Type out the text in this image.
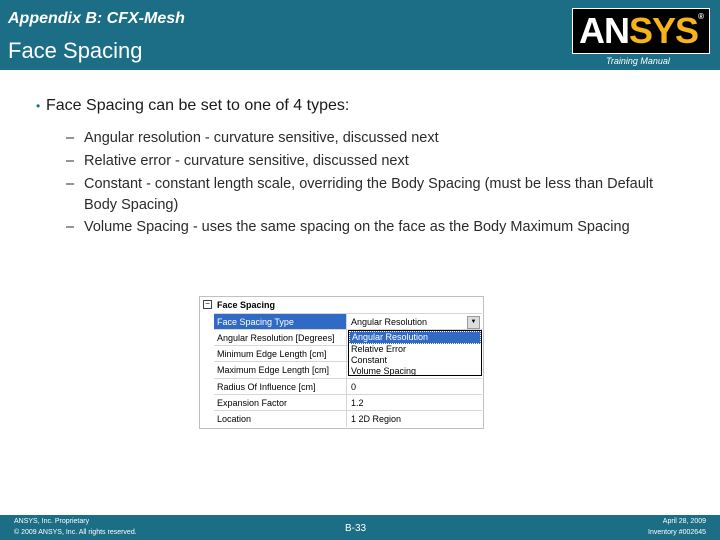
Appendix B: CFX-Mesh
Face Spacing	ANSYS®
Training Manual
• Face Spacing can be set to one of 4 types:
– Angular resolution - curvature sensitive, discussed next
– Relative error - curvature sensitive, discussed next
– Constant - constant length scale, overriding the Body Spacing (must be less than Default Body Spacing)
– Volume Spacing - uses the same spacing on the face as the Body Maximum Spacing
− Face Spacing
Face Spacing Type	Angular Resolution	▼
Angular Resolution [Degrees]
Minimum Edge Length [cm]
Maximum Edge Length [cm]
Radius Of Influence [cm]	0
Expansion Factor	1.2
Location	1 2D Region
Angular Resolution
Relative Error
Constant
Volume Spacing
ANSYS, Inc. Proprietary
© 2009 ANSYS, Inc. All rights reserved.	B-33
April 28, 2009
Inventory #002645
